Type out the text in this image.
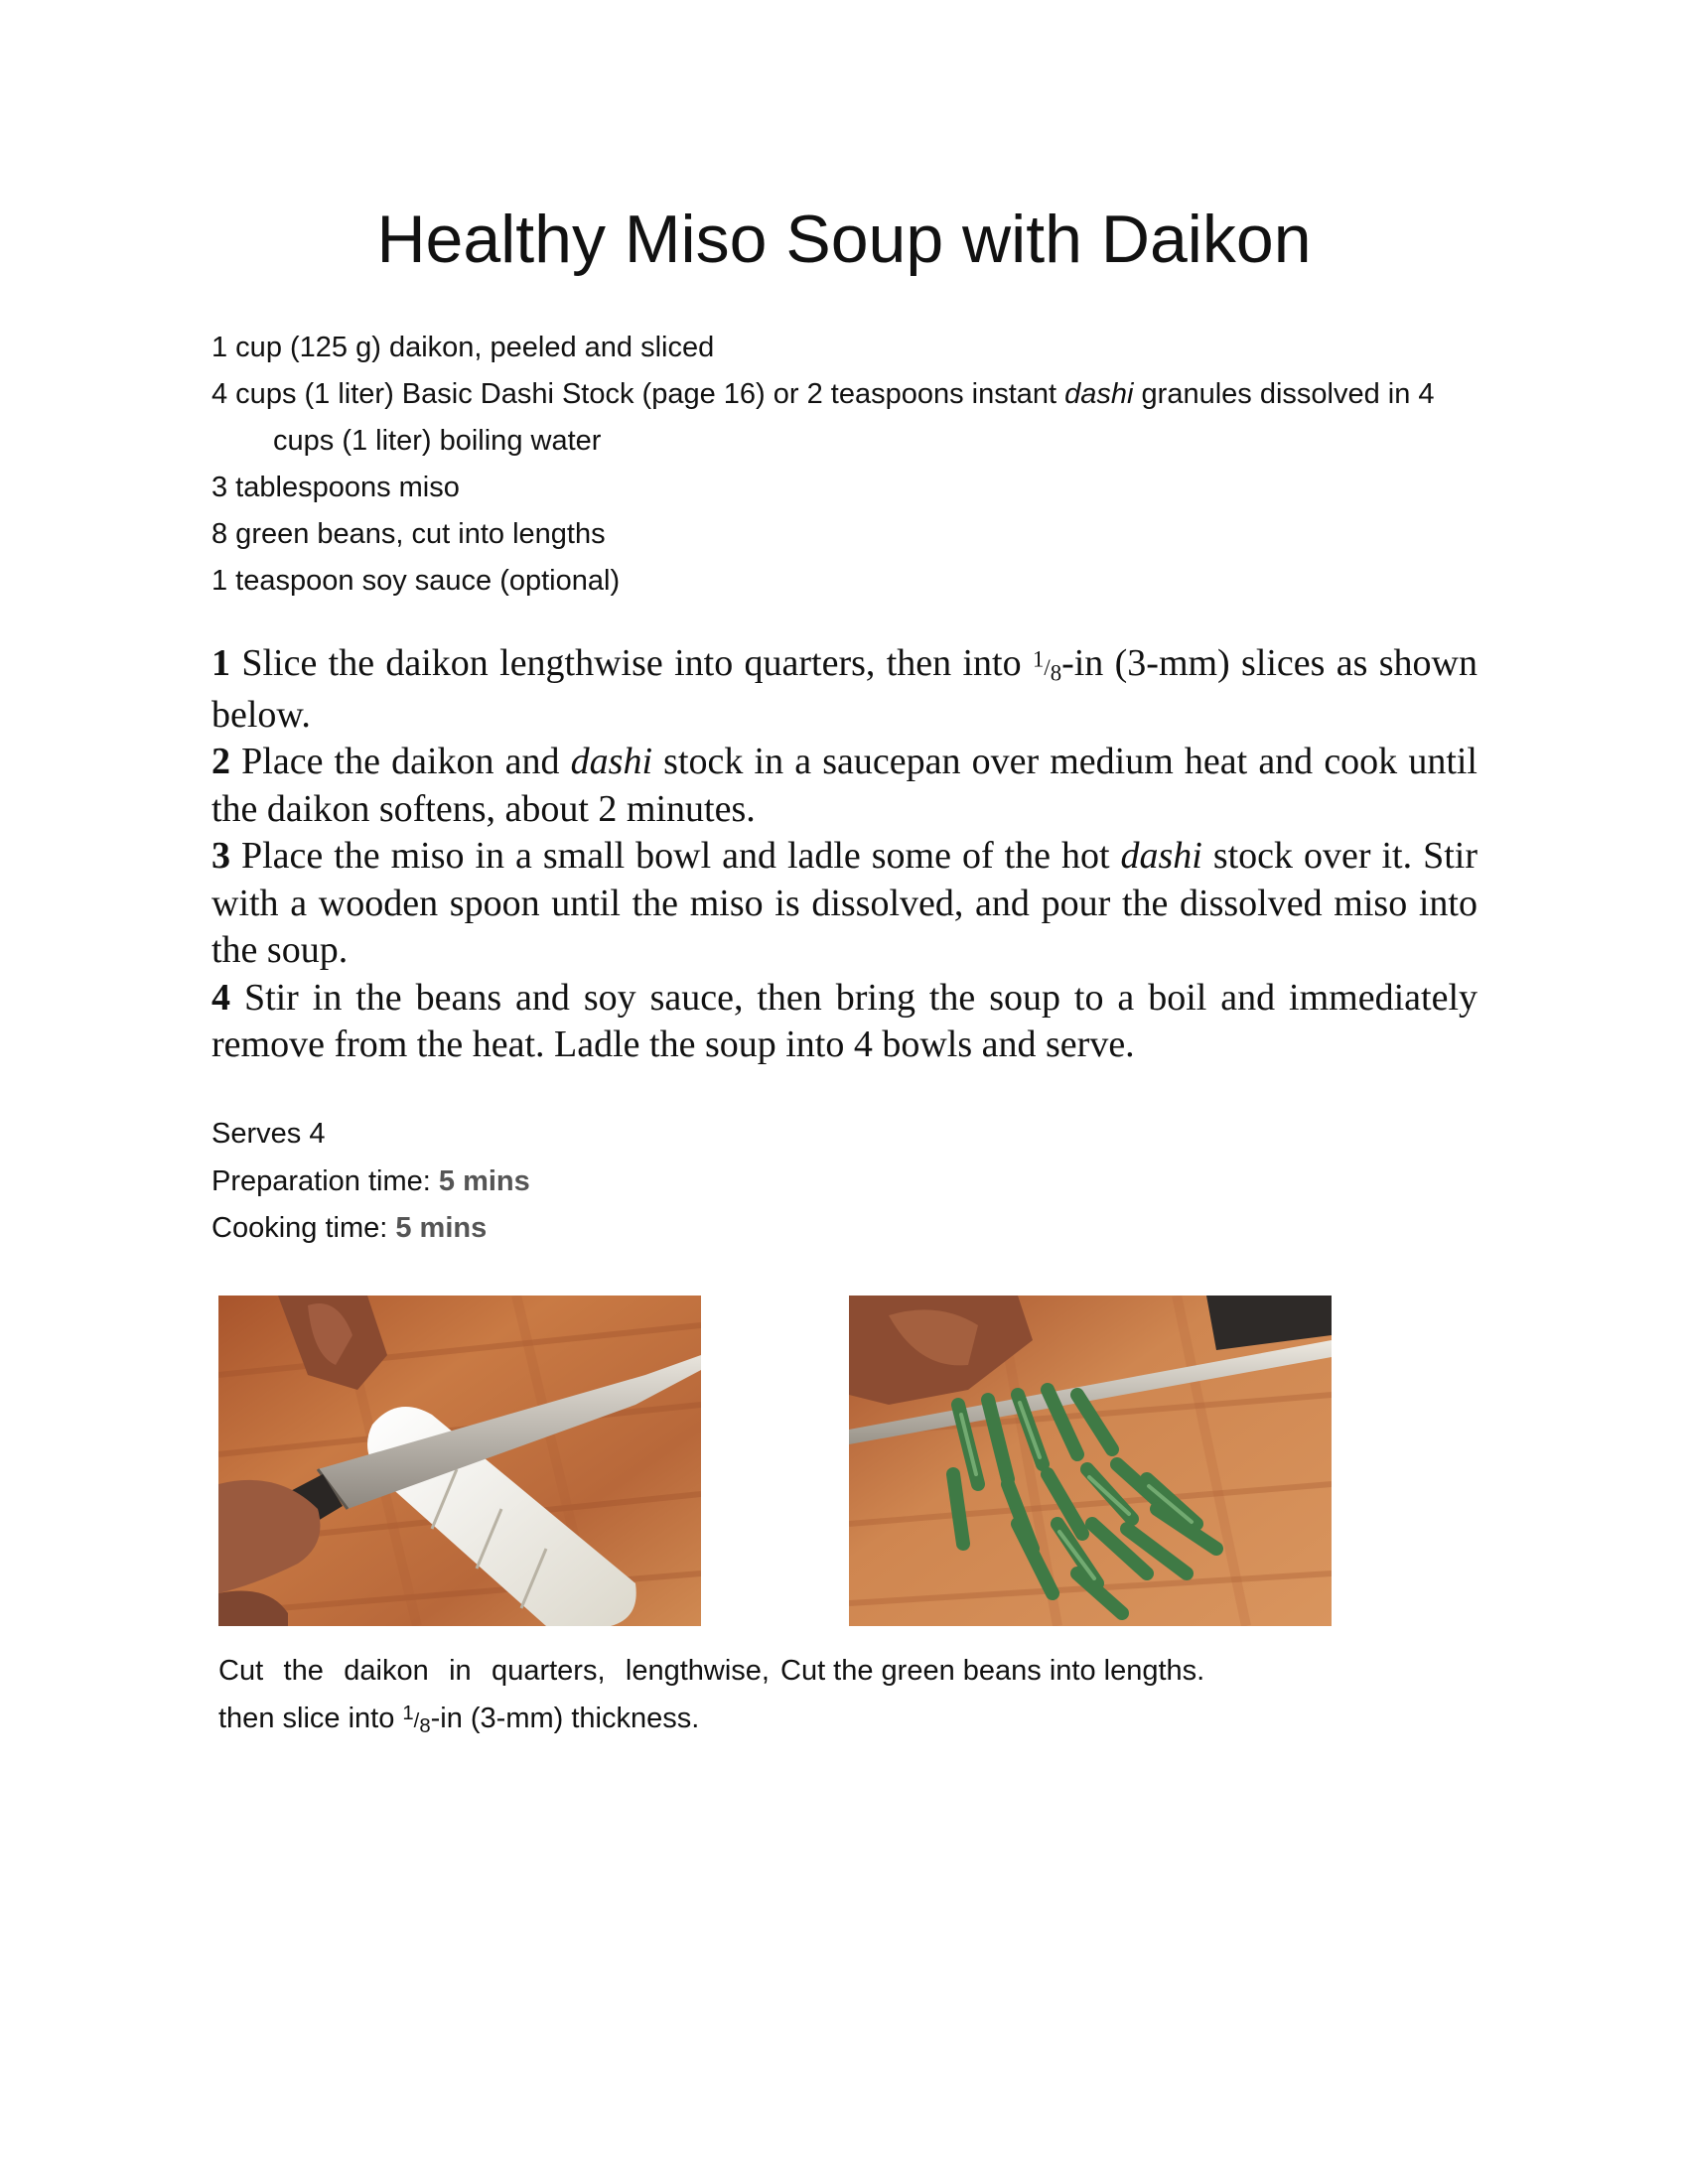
Healthy Miso Soup with Daikon
1 cup (125 g) daikon, peeled and sliced
4 cups (1 liter) Basic Dashi Stock (page 16) or 2 teaspoons instant dashi granules dissolved in 4 cups (1 liter) boiling water
3 tablespoons miso
8 green beans, cut into lengths
1 teaspoon soy sauce (optional)

1 Slice the daikon lengthwise into quarters, then into $^1/_8-in$ (3-mm) slices as shown below.

2 Place the daikon and dashi stock in a saucepan over medium heat and cook until the daikon softens, about 2 minutes.

3 Place the miso in a small bowl and ladle some of the hot dashi stock over it. Stir with a wooden spoon until the miso is dissolved, and pour the dissolved miso into the soup.

4 Stir in the beans and soy sauce, then bring the soup to a boil and immediately remove from the heat. Ladle the soup into 4 bowls and serve.

Serves 4
Preparation time: 5 mins
Cooking time: 5 mins

Cut the daikon in quarters, lengthwise, then slice into $^1/_8-in$ (3-mm) thickness.

Cut the green beans into lengths.
